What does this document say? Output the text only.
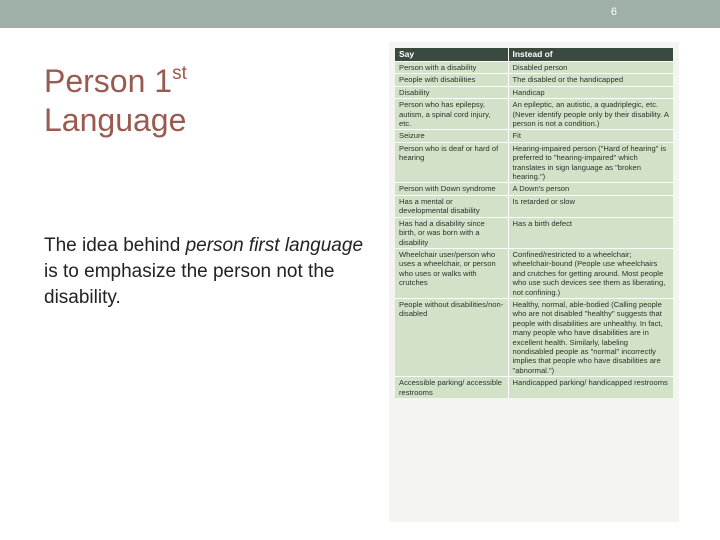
6
Person 1st
Language

The idea behind person first language is to emphasize the person not the disability.

Say	Instead of
Person with a disability	Disabled person
People with disabilities	The disabled or the handicapped
Disability	Handicap
Person who has epilepsy, autism, a spinal cord injury, etc.	An epileptic, an autistic, a quadriplegic, etc. (Never identify people only by their disability. A person is not a condition.)
Seizure	Fit
Person who is deaf or hard of hearing	Hearing-impaired person ("Hard of hearing" is preferred to "hearing-impaired" which translates in sign language as "broken hearing.")
Person with Down syndrome	A Down's person
Has a mental or developmental disability	Is retarded or slow
Has had a disability since birth, or was born with a disability	Has a birth defect
Wheelchair user/person who uses a wheelchair, or person who uses or walks with crutches	Confined/restricted to a wheelchair; wheelchair-bound (People use wheelchairs and crutches for getting around. Most people who use such devices see them as liberating, not confining.)
People without disabilities/non-disabled	Healthy, normal, able-bodied (Calling people who are not disabled "healthy" suggests that people with disabilities are unhealthy. In fact, many people who have disabilities are in excellent health. Similarly, labeling nondisabled people as "normal" incorrectly implies that people who have disabilities are "abnormal.")
Accessible parking/ accessible restrooms	Handicapped parking/ handicapped restrooms
